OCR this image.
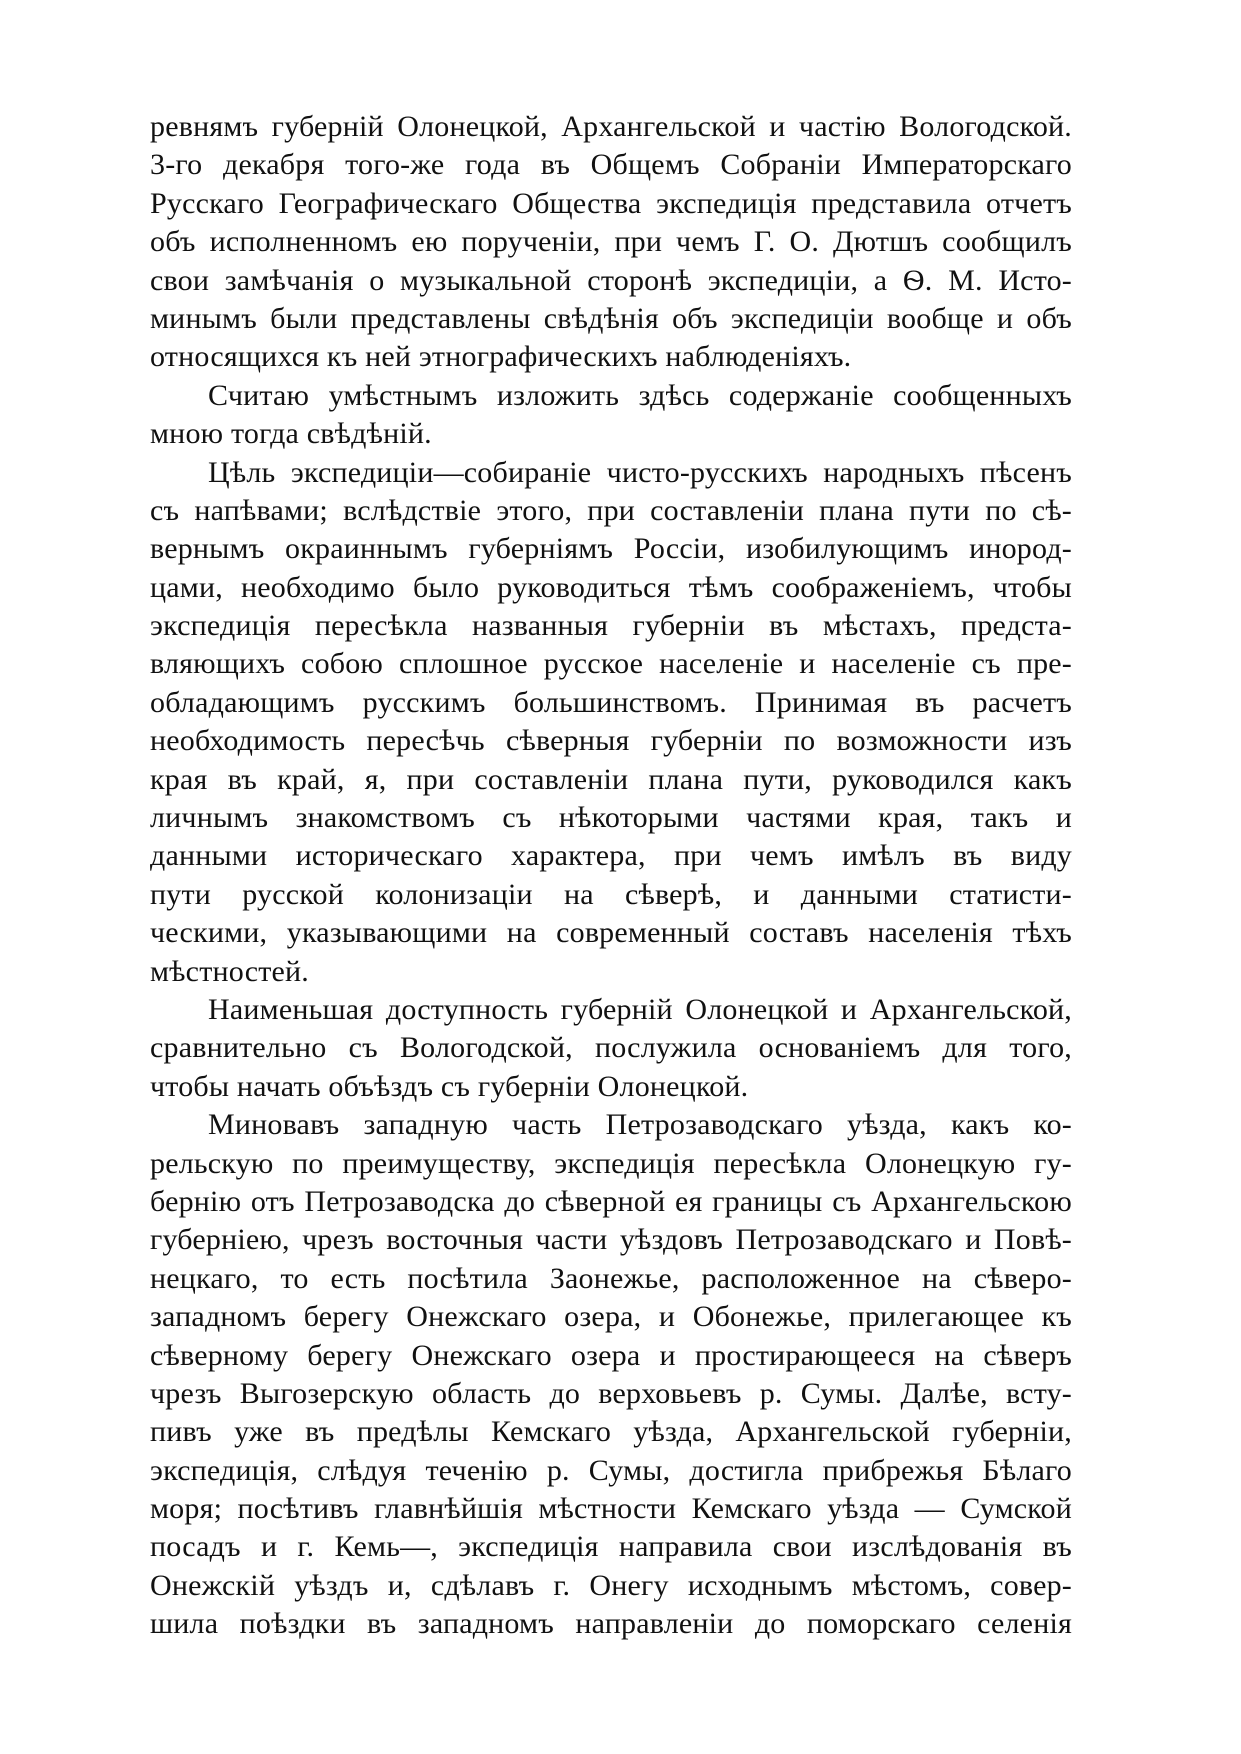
ревнямъ губерній Олонецкой, Архангельской и частію Вологодской.
3-го декабря того-же года въ Общемъ Собраніи Императорскаго
Русскаго Географическаго Общества экспедиція представила отчетъ
объ исполненномъ ею порученіи, при чемъ Г. О. Дютшъ сообщилъ
свои замѣчанія о музыкальной сторонѣ экспедиціи, а Ѳ. М. Исто-
минымъ были представлены свѣдѣнія объ экспедиціи вообще и объ
относящихся къ ней этнографическихъ наблюденіяхъ.
Считаю умѣстнымъ изложить здѣсь содержаніе сообщенныхъ
мною тогда свѣдѣній.
Цѣль экспедиціи—собираніе чисто-русскихъ народныхъ пѣсенъ
съ напѣвами; вслѣдствіе этого, при составленіи плана пути по сѣ-
вернымъ окраиннымъ губерніямъ Россіи, изобилующимъ инород-
цами, необходимо было руководиться тѣмъ соображеніемъ, чтобы
экспедиція пересѣкла названныя губерніи въ мѣстахъ, предста-
вляющихъ собою сплошное русское населеніе и населеніе съ пре-
обладающимъ русскимъ большинствомъ. Принимая въ расчетъ
необходимость пересѣчь сѣверныя губерніи по возможности изъ
края въ край, я, при составленіи плана пути, руководился какъ
личнымъ знакомствомъ съ нѣкоторыми частями края, такъ и
данными историческаго характера, при чемъ имѣлъ въ виду
пути русской колонизаціи на сѣверѣ, и данными статисти-
ческими, указывающими на современный составъ населенія тѣхъ
мѣстностей.
Наименьшая доступность губерній Олонецкой и Архангельской,
сравнительно съ Вологодской, послужила основаніемъ для того,
чтобы начать объѣздъ съ губерніи Олонецкой.
Миновавъ западную часть Петрозаводскаго уѣзда, какъ ко-
рельскую по преимуществу, экспедиція пересѣкла Олонецкую гу-
бернію отъ Петрозаводска до сѣверной ея границы съ Архангельскою
губерніею, чрезъ восточныя части уѣздовъ Петрозаводскаго и Повѣ-
нецкаго, то есть посѣтила Заонежье, расположенное на сѣверо-
западномъ берегу Онежскаго озера, и Обонежье, прилегающее къ
сѣверному берегу Онежскаго озера и простирающееся на сѣверъ
чрезъ Выгозерскую область до верховьевъ р. Сумы. Далѣе, всту-
пивъ уже въ предѣлы Кемскаго уѣзда, Архангельской губерніи,
экспедиція, слѣдуя теченію р. Сумы, достигла прибрежья Бѣлаго
моря; посѣтивъ главнѣйшія мѣстности Кемскаго уѣзда — Сумской
посадъ и г. Кемь—, экспедиція направила свои изслѣдованія въ
Онежскій уѣздъ и, сдѣлавъ г. Онегу исходнымъ мѣстомъ, совер-
шила поѣздки въ западномъ направленіи до поморскаго селенія
